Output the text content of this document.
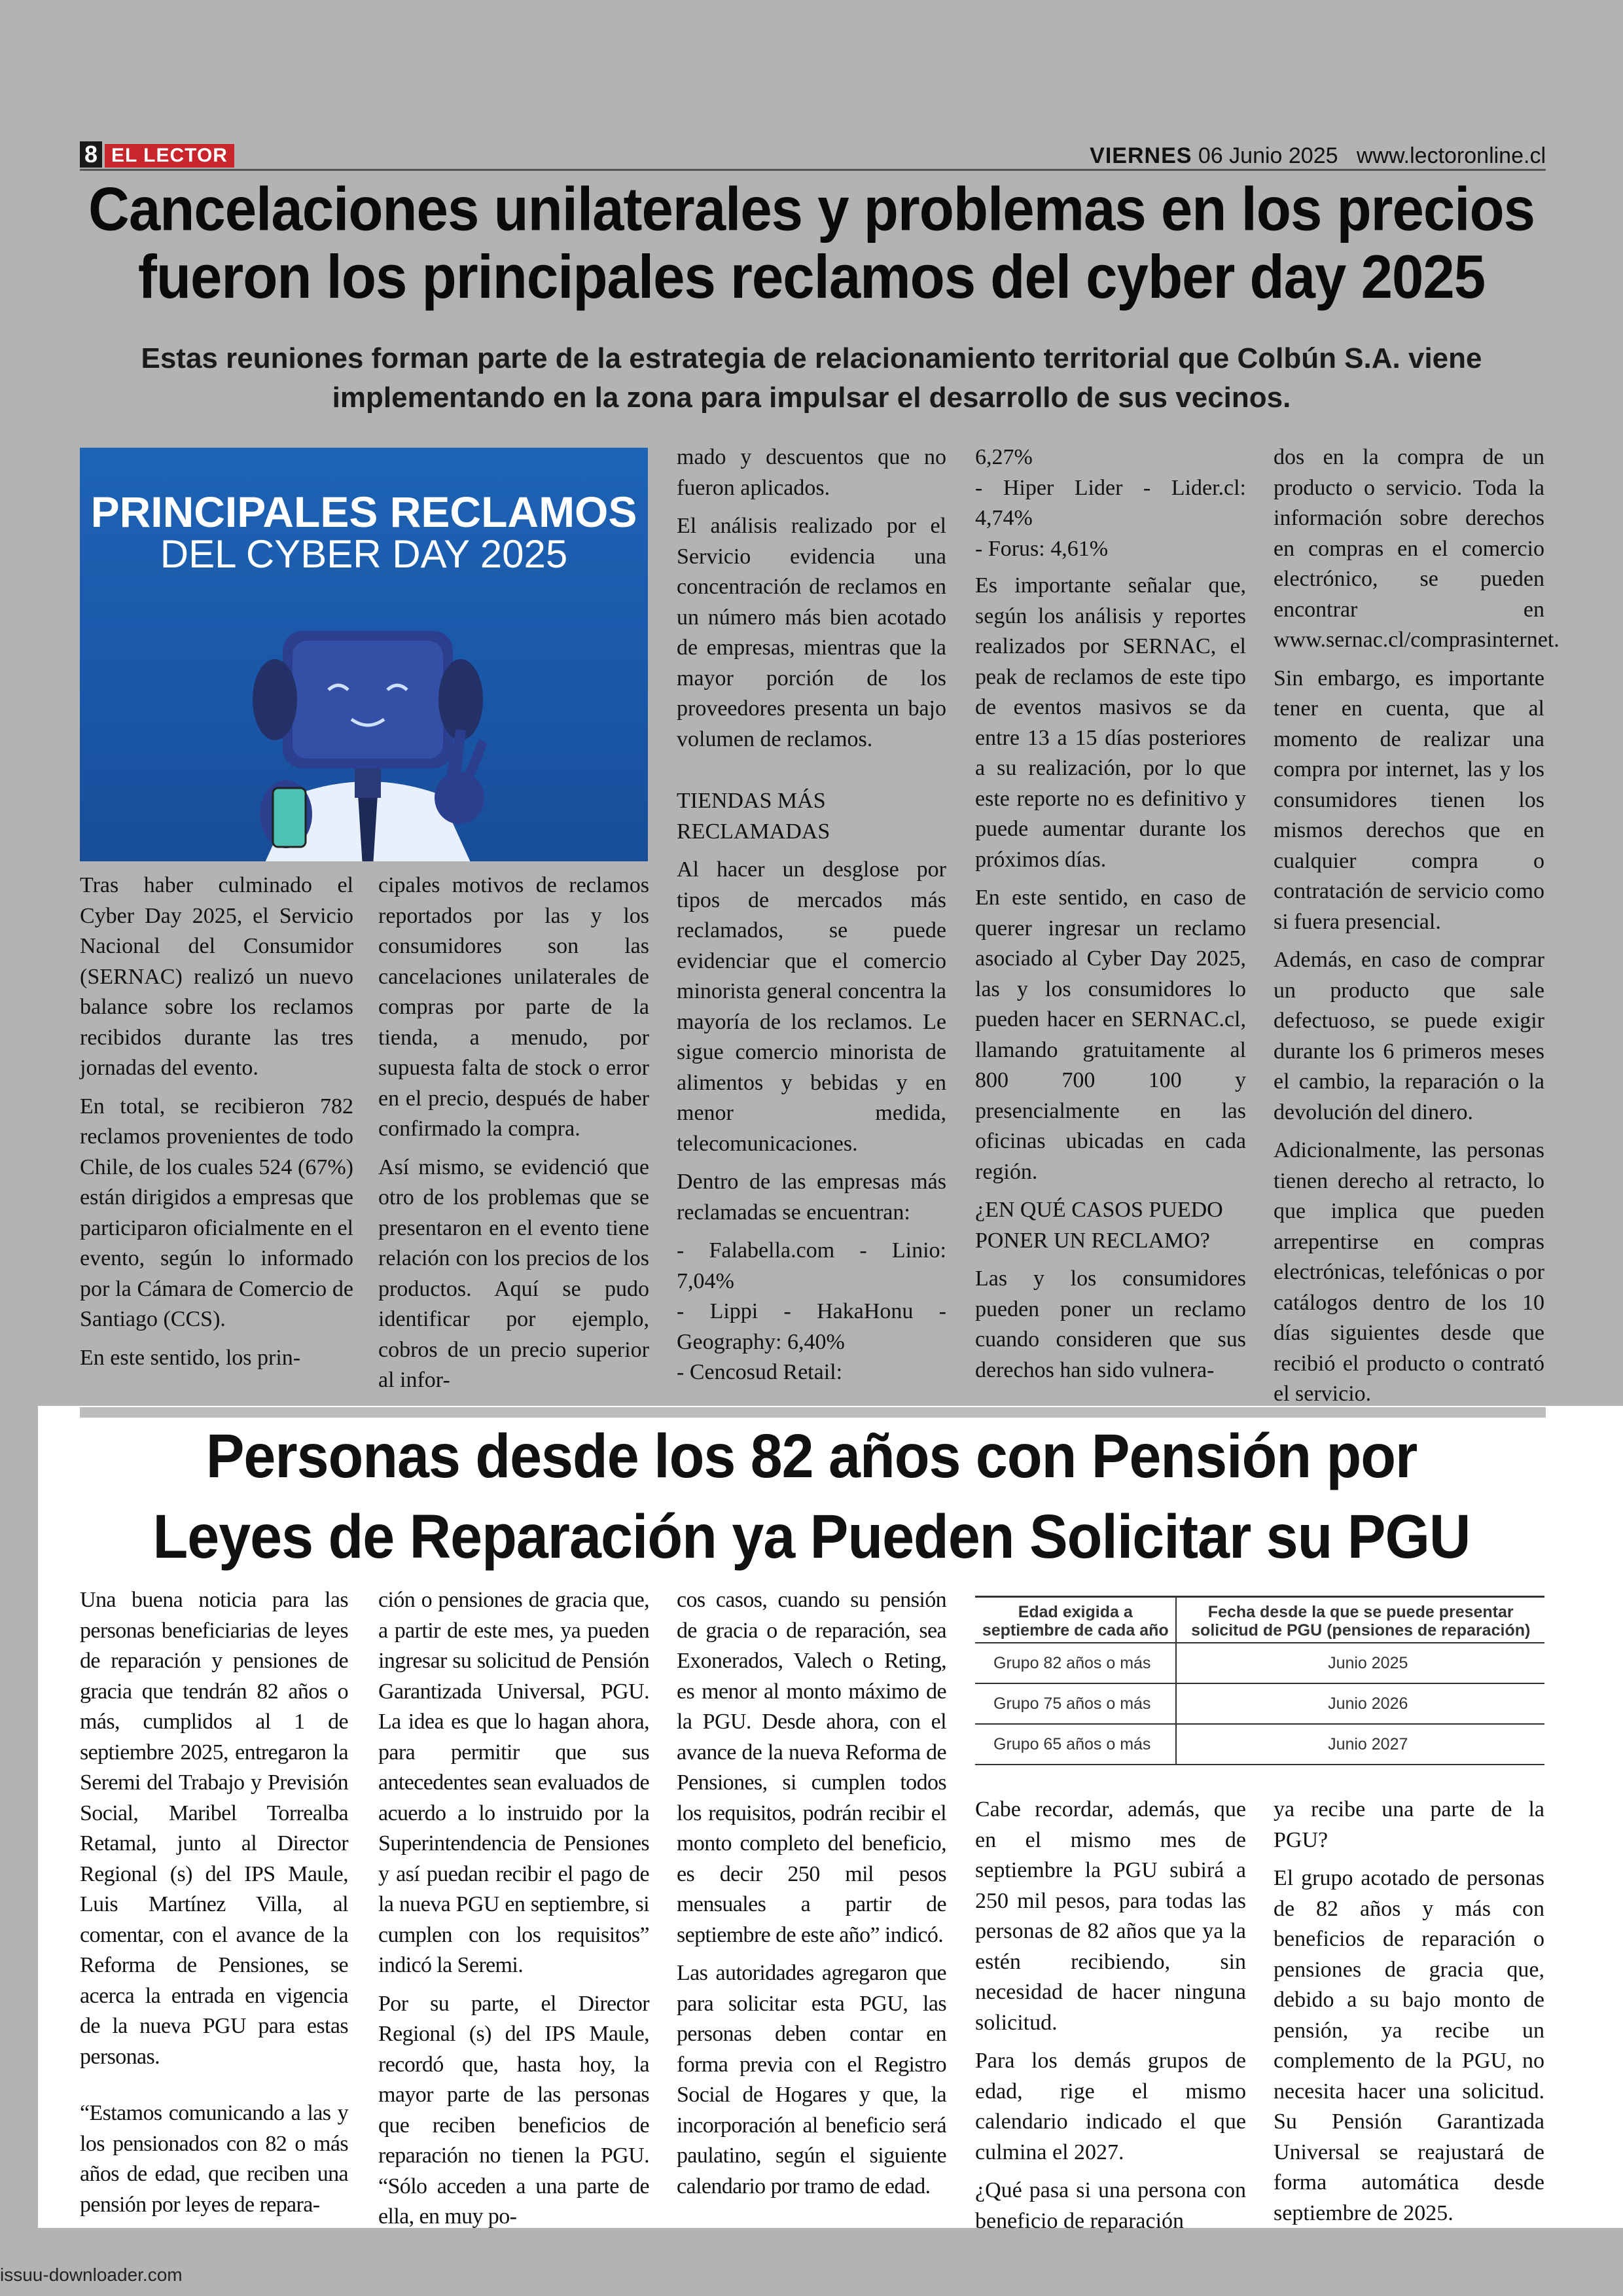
8 EL LECTOR	VIERNES 06 Junio 2025 www.lectoronline.cl
Cancelaciones unilaterales y problemas en los precios fueron los principales reclamos del cyber day 2025
Estas reuniones forman parte de la estrategia de relacionamiento territorial que Colbún S.A. viene implementando en la zona para impulsar el desarrollo de sus vecinos.
PRINCIPALES RECLAMOS
DEL CYBER DAY 2025

Tras haber culminado el Cyber Day 2025, el Servicio Nacional del Consumidor (SERNAC) realizó un nuevo balance sobre los reclamos recibidos durante las tres jornadas del evento.

En total, se recibieron 782 reclamos provenientes de todo Chile, de los cuales 524 (67%) están dirigidos a empresas que participaron oficialmente en el evento, según lo informado por la Cámara de Comercio de Santiago (CCS).

En este sentido, los prin-

cipales motivos de reclamos reportados por las y los consumidores son las cancelaciones unilaterales de compras por parte de la tienda, a menudo, por supuesta falta de stock o error en el precio, después de haber confirmado la compra.

Así mismo, se evidenció que otro de los problemas que se presentaron en el evento tiene relación con los precios de los productos. Aquí se pudo identificar por ejemplo, cobros de un precio superior al infor-

mado y descuentos que no fueron aplicados.

El análisis realizado por el Servicio evidencia una concentración de reclamos en un número más bien acotado de empresas, mientras que la mayor porción de los proveedores presenta un bajo volumen de reclamos.

TIENDAS MÁS RECLAMADAS

Al hacer un desglose por tipos de mercados más reclamados, se puede evidenciar que el comercio minorista general concentra la mayoría de los reclamos. Le sigue comercio minorista de alimentos y bebidas y en menor medida, telecomunicaciones.

Dentro de las empresas más reclamadas se encuentran:

- Falabella.com - Linio: 7,04%

- Lippi - HakaHonu - Geography: 6,40%

- Cencosud Retail:

6,27%

- Hiper Lider - Lider.cl: 4,74%

- Forus: 4,61%

Es importante señalar que, según los análisis y reportes realizados por SERNAC, el peak de reclamos de este tipo de eventos masivos se da entre 13 a 15 días posteriores a su realización, por lo que este reporte no es definitivo y puede aumentar durante los próximos días.

En este sentido, en caso de querer ingresar un reclamo asociado al Cyber Day 2025, las y los consumidores lo pueden hacer en SERNAC.cl, llamando gratuitamente al 800 700 100 y presencialmente en las oficinas ubicadas en cada región.

¿EN QUÉ CASOS PUEDO PONER UN RECLAMO?

Las y los consumidores pueden poner un reclamo cuando consideren que sus derechos han sido vulnera-

dos en la compra de un producto o servicio. Toda la información sobre derechos en compras en el comercio electrónico, se pueden encontrar en www.sernac.cl/comprasinternet.

Sin embargo, es importante tener en cuenta, que al momento de realizar una compra por internet, las y los consumidores tienen los mismos derechos que en cualquier compra o contratación de servicio como si fuera presencial.

Además, en caso de comprar un producto que sale defectuoso, se puede exigir durante los 6 primeros meses el cambio, la reparación o la devolución del dinero.

Adicionalmente, las personas tienen derecho al retracto, lo que implica que pueden arrepentirse en compras electrónicas, telefónicas o por catálogos dentro de los 10 días siguientes desde que recibió el producto o contrató el servicio.

Personas desde los 82 años con Pensión por
Leyes de Reparación ya Pueden Solicitar su PGU

Una buena noticia para las personas beneficiarias de leyes de reparación y pensiones de gracia que tendrán 82 años o más, cumplidos al 1 de septiembre 2025, entregaron la Seremi del Trabajo y Previsión Social, Maribel Torrealba Retamal, junto al Director Regional (s) del IPS Maule, Luis Martínez Villa, al comentar, con el avance de la Reforma de Pensiones, se acerca la entrada en vigencia de la nueva PGU para estas personas.

“Estamos comunicando a las y los pensionados con 82 o más años de edad, que reciben una pensión por leyes de repara-

ción o pensiones de gracia que, a partir de este mes, ya pueden ingresar su solicitud de Pensión Garantizada Universal, PGU. La idea es que lo hagan ahora, para permitir que sus antecedentes sean evaluados de acuerdo a lo instruido por la Superintendencia de Pensiones y así puedan recibir el pago de la nueva PGU en septiembre, si cumplen con los requisitos” indicó la Seremi.

Por su parte, el Director Regional (s) del IPS Maule, recordó que, hasta hoy, la mayor parte de las personas que reciben beneficios de reparación no tienen la PGU. “Sólo acceden a una parte de ella, en muy po-

cos casos, cuando su pensión de gracia o de reparación, sea Exonerados, Valech o Reting, es menor al monto máximo de la PGU. Desde ahora, con el avance de la nueva Reforma de Pensiones, si cumplen todos los requisitos, podrán recibir el monto completo del beneficio, es decir 250 mil pesos mensuales a partir de septiembre de este año” indicó.

Las autoridades agregaron que para solicitar esta PGU, las personas deben contar en forma previa con el Registro Social de Hogares y que, la incorporación al beneficio será paulatino, según el siguiente calendario por tramo de edad.

Edad exigida a septiembre de cada año	Fecha desde la que se puede presentar solicitud de PGU (pensiones de reparación)
Grupo 82 años o más	Junio 2025
Grupo 75 años o más	Junio 2026
Grupo 65 años o más	Junio 2027

Cabe recordar, además, que en el mismo mes de septiembre la PGU subirá a 250 mil pesos, para todas las personas de 82 años que ya la estén recibiendo, sin necesidad de hacer ninguna solicitud.

Para los demás grupos de edad, rige el mismo calendario indicado el que culmina el 2027.

¿Qué pasa si una persona con beneficio de reparación

ya recibe una parte de la PGU?

El grupo acotado de personas de 82 años y más con beneficios de reparación o pensiones de gracia que, debido a su bajo monto de pensión, ya recibe un complemento de la PGU, no necesita hacer una solicitud. Su Pensión Garantizada Universal se reajustará de forma automática desde septiembre de 2025.

issuu-downloader.com
